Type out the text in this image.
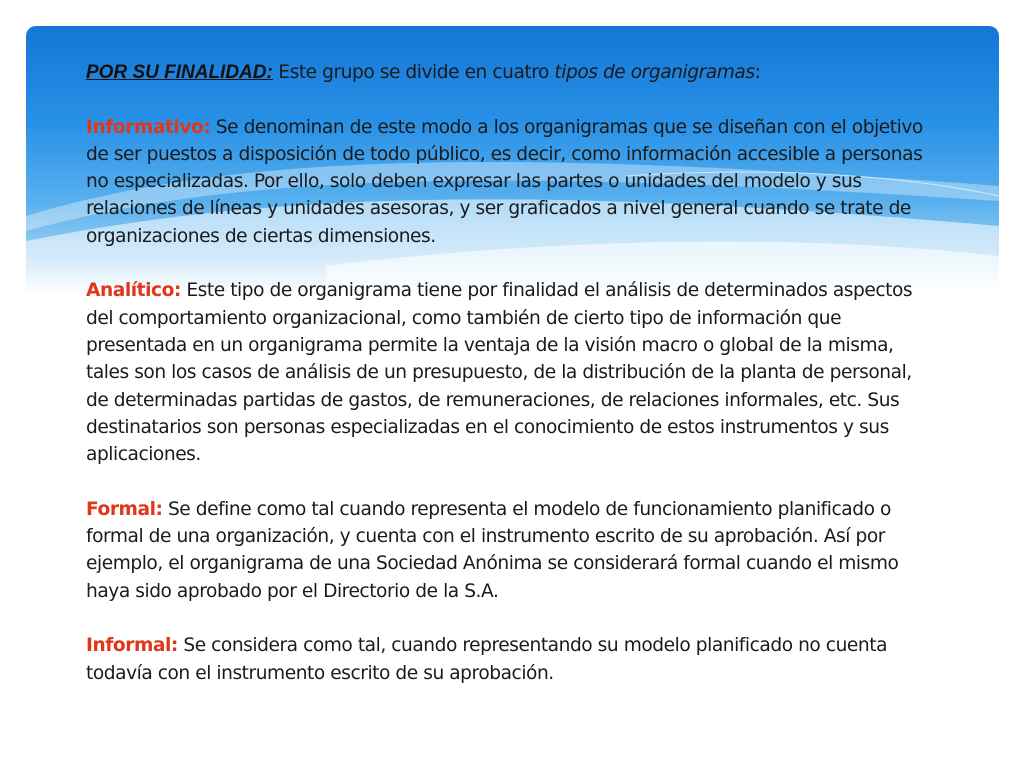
POR SU FINALIDAD: Este grupo se divide en cuatro tipos de organigramas:

Informativo: Se denominan de este modo a los organigramas que se diseñan con el objetivo de ser puestos a disposición de todo público, es decir, como información accesible a personas no especializadas. Por ello, solo deben expresar las partes o unidades del modelo y sus relaciones de líneas y unidades asesoras, y ser graficados a nivel general cuando se trate de organizaciones de ciertas dimensiones.

Analítico: Este tipo de organigrama tiene por finalidad el análisis de determinados aspectos del comportamiento organizacional, como también de cierto tipo de información que presentada en un organigrama permite la ventaja de la visión macro o global de la misma, tales son los casos de análisis de un presupuesto, de la distribución de la planta de personal, de determinadas partidas de gastos, de remuneraciones, de relaciones informales, etc. Sus destinatarios son personas especializadas en el conocimiento de estos instrumentos y sus aplicaciones.

Formal: Se define como tal cuando representa el modelo de funcionamiento planificado o formal de una organización, y cuenta con el instrumento escrito de su aprobación. Así por ejemplo, el organigrama de una Sociedad Anónima se considerará formal cuando el mismo haya sido aprobado por el Directorio de la S.A.

Informal: Se considera como tal, cuando representando su modelo planificado no cuenta todavía con el instrumento escrito de su aprobación.
